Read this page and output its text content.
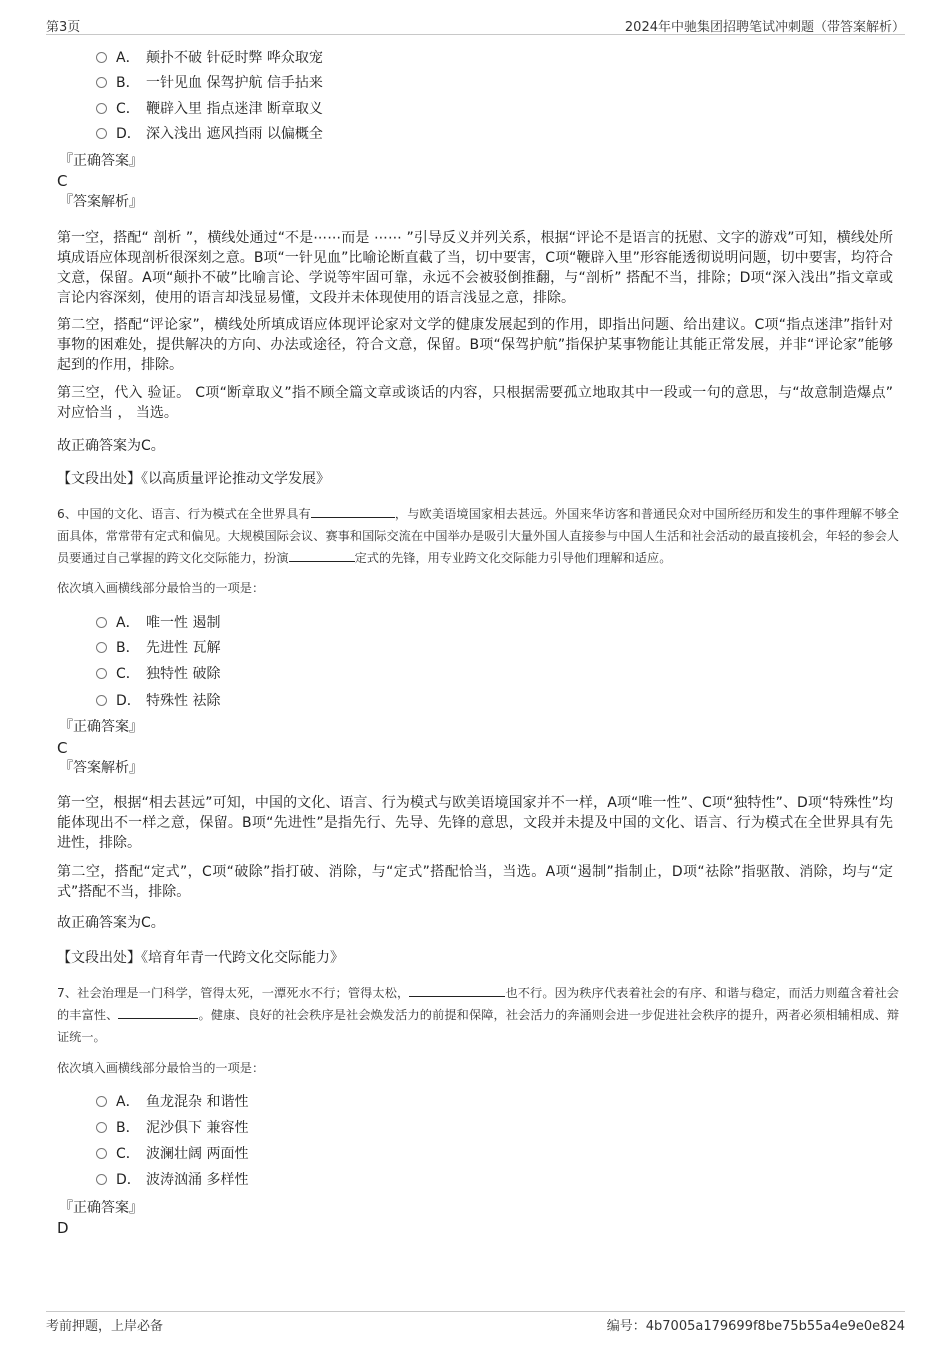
第3页	2024年中驰集团招聘笔试冲刺题（带答案解析）
A． 颠扑不破 针砭时弊 哗众取宠
B． 一针见血 保驾护航 信手拈来
C． 鞭辟入里 指点迷津 断章取义
D． 深入浅出 遮风挡雨 以偏概全
『正确答案』
C
『答案解析』
第一空，搭配“ 剖析 ”，横线处通过“不是⋯⋯而是 ⋯⋯ ”引导反义并列关系，根据“评论不是语言的抚慰、文字的游戏”可知，横线处所填成语应体现剖析很深刻之意。B项“一针见血”比喻论断直截了当，切中要害，C项“鞭辟入里”形容能透彻说明问题，切中要害，均符合文意，保留。A项“颠扑不破”比喻言论、学说等牢固可靠，永远不会被驳倒推翻，与“剖析” 搭配不当，排除；D项“深入浅出”指文章或言论内容深刻，使用的语言却浅显易懂，文段并未体现使用的语言浅显之意，排除。
第二空，搭配“评论家”，横线处所填成语应体现评论家对文学的健康发展起到的作用，即指出问题、给出建议。C项“指点迷津”指针对事物的困难处，提供解决的方向、办法或途径，符合文意，保留。B项“保驾护航”指保护某事物能让其能正常发展，并非“评论家”能够起到的作用，排除。
第三空，代入 验证。 C项“断章取义”指不顾全篇文章或谈话的内容，只根据需要孤立地取其中一段或一句的意思，与“故意制造爆点” 对应恰当 ， 当选。
故正确答案为C。
【文段出处】《以高质量评论推动文学发展》
6、中国的文化、语言、行为模式在全世界具有	，与欧美语境国家相去甚远。外国来华访客和普通民众对中国所经历和发生的事件理解不够全面具体，常常带有定式和偏见。大规模国际会议、赛事和国际交流在中国举办是吸引大量外国人直接参与中国人生活和社会活动的最直接机会，年轻的参会人员要通过自己掌握的跨文化交际能力，扮演	定式的先锋，用专业跨文化交际能力引导他们理解和适应。
依次填入画横线部分最恰当的一项是：
A． 唯一性 遏制
B． 先进性 瓦解
C． 独特性 破除
D． 特殊性 祛除
『正确答案』
C
『答案解析』
第一空，根据“相去甚远”可知，中国的文化、语言、行为模式与欧美语境国家并不一样，A项“唯一性”、C项“独特性”、D项“特殊性”均能体现出不一样之意，保留。B项“先进性”是指先行、先导、先锋的意思，文段并未提及中国的文化、语言、行为模式在全世界具有先进性，排除。
第二空，搭配“定式”，C项“破除”指打破、消除，与“定式”搭配恰当，当选。A项“遏制”指制止，D项“祛除”指驱散、消除，均与“定式”搭配不当，排除。
故正确答案为C。
【文段出处】《培育年青一代跨文化交际能力》
7、社会治理是一门科学，管得太死，一潭死水不行；管得太松，	也不行。因为秩序代表着社会的有序、和谐与稳定，而活力则蕴含着社会的丰富性、	。健康、良好的社会秩序是社会焕发活力的前提和保障，社会活力的奔涌则会进一步促进社会秩序的提升，两者必须相辅相成、辩证统一。
依次填入画横线部分最恰当的一项是：
A． 鱼龙混杂 和谐性
B． 泥沙俱下 兼容性
C． 波澜壮阔 两面性
D． 波涛汹涌 多样性
『正确答案』
D
考前押题，上岸必备	编号：4b7005a179699f8be75b55a4e9e0e824
